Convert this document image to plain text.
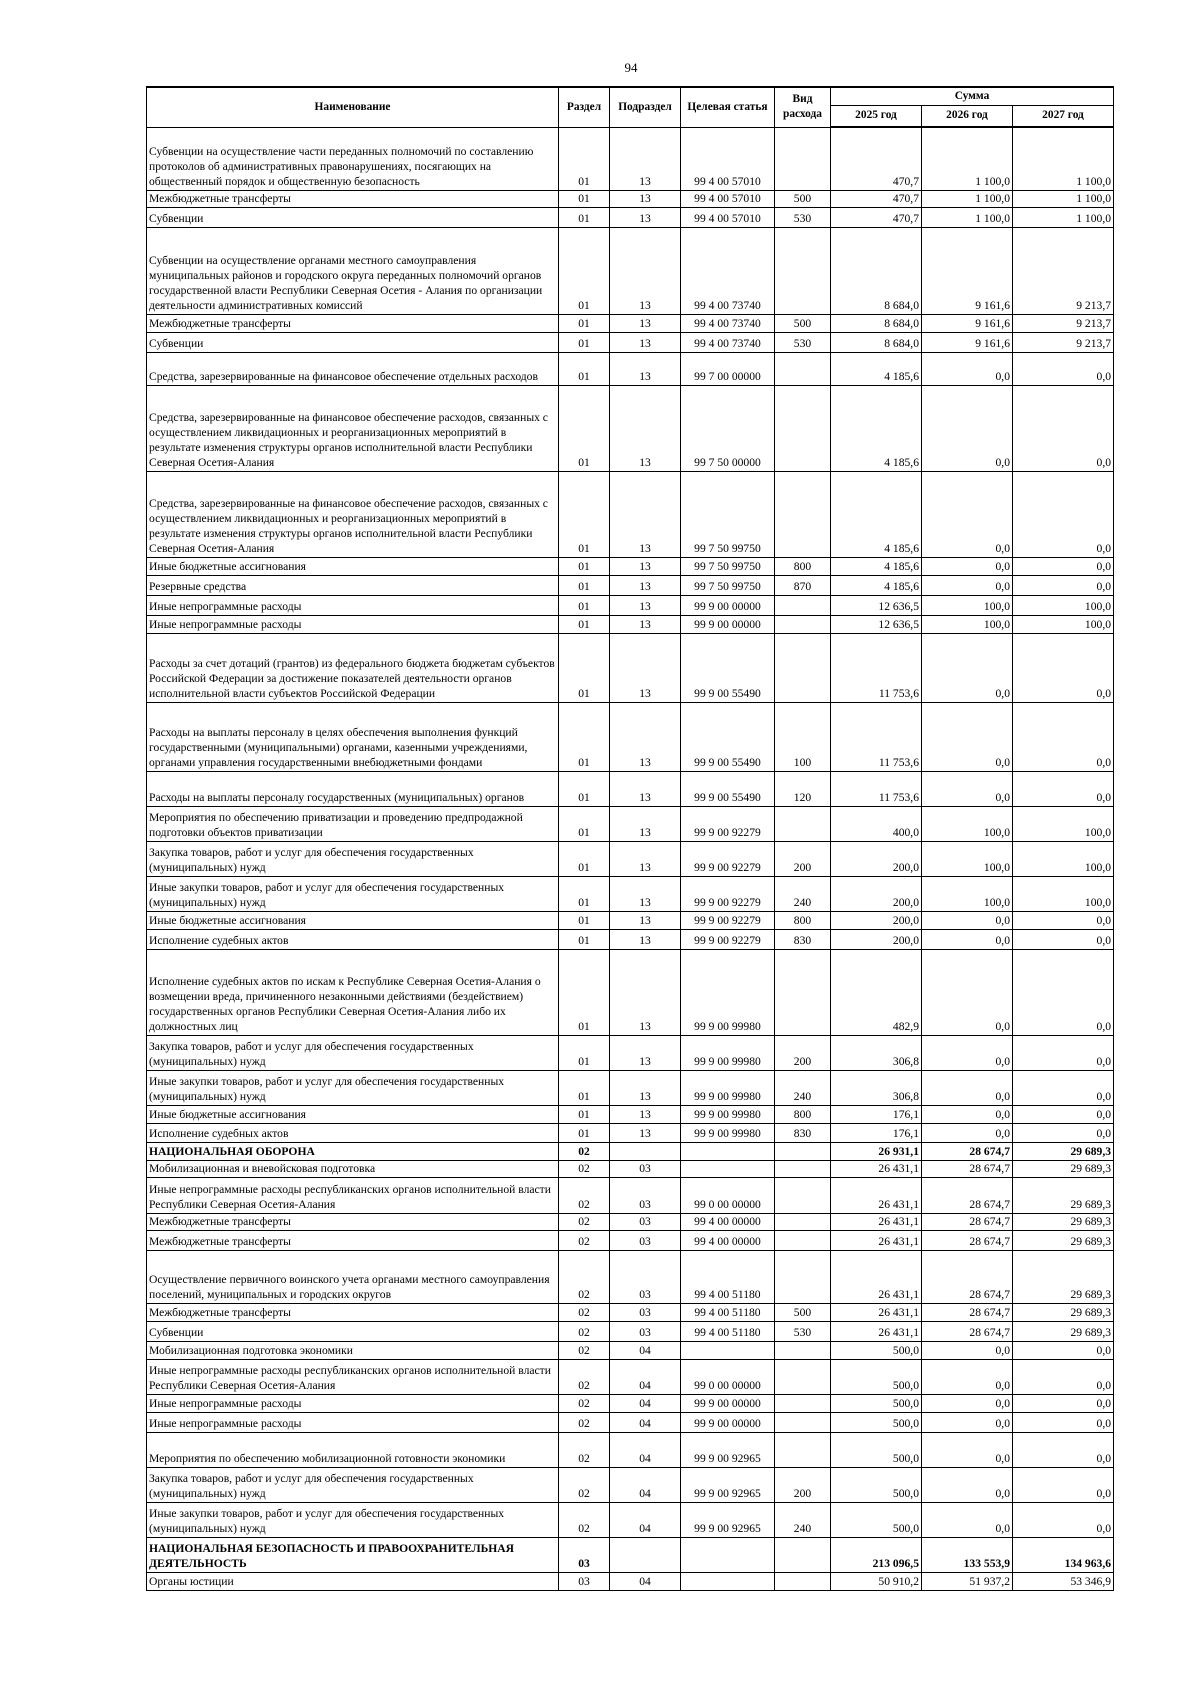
94
Наименование	Раздел	Подраздел	Целевая статья	Вид расхода	Сумма		
					2025 год	2026 год	2027 год
Субвенции на осуществление части переданных полномочий по составлению протоколов об административных правонарушениях, посягающих на общественный порядок и общественную безопасность	01	13	99 4 00 57010		470,7	1 100,0	1 100,0
Межбюджетные трансферты	01	13	99 4 00 57010	500	470,7	1 100,0	1 100,0
Субвенции	01	13	99 4 00 57010	530	470,7	1 100,0	1 100,0
Субвенции на осуществление органами местного самоуправления муниципальных районов и городского округа переданных полномочий органов государственной власти Республики Северная Осетия - Алания по организации деятельности административных комиссий	01	13	99 4 00 73740		8 684,0	9 161,6	9 213,7
Межбюджетные трансферты	01	13	99 4 00 73740	500	8 684,0	9 161,6	9 213,7
Субвенции	01	13	99 4 00 73740	530	8 684,0	9 161,6	9 213,7
Средства, зарезервированные на финансовое обеспечение отдельных расходов	01	13	99 7 00 00000		4 185,6	0,0	0,0
Средства, зарезервированные на финансовое обеспечение расходов, связанных с осуществлением ликвидационных и реорганизационных мероприятий в результате изменения структуры органов исполнительной власти Республики Северная Осетия-Алания	01	13	99 7 50 00000		4 185,6	0,0	0,0
Средства, зарезервированные на финансовое обеспечение расходов, связанных с осуществлением ликвидационных и реорганизационных мероприятий в результате изменения структуры органов исполнительной власти Республики Северная Осетия-Алания	01	13	99 7 50 99750		4 185,6	0,0	0,0
Иные бюджетные ассигнования	01	13	99 7 50 99750	800	4 185,6	0,0	0,0
Резервные средства	01	13	99 7 50 99750	870	4 185,6	0,0	0,0
Иные непрограммные расходы	01	13	99 9 00 00000		12 636,5	100,0	100,0
Иные непрограммные расходы	01	13	99 9 00 00000		12 636,5	100,0	100,0
Расходы за счет дотаций (грантов) из федерального бюджета бюджетам субъектов Российской Федерации за достижение показателей деятельности органов исполнительной власти субъектов Российской Федерации	01	13	99 9 00 55490		11 753,6	0,0	0,0
Расходы на выплаты персоналу в целях обеспечения выполнения функций государственными (муниципальными) органами, казенными учреждениями, органами управления государственными внебюджетными фондами	01	13	99 9 00 55490	100	11 753,6	0,0	0,0
Расходы на выплаты персоналу государственных (муниципальных) органов	01	13	99 9 00 55490	120	11 753,6	0,0	0,0
Мероприятия по обеспечению приватизации и проведению предпродажной подготовки объектов приватизации	01	13	99 9 00 92279		400,0	100,0	100,0
Закупка товаров, работ и услуг для обеспечения государственных (муниципальных) нужд	01	13	99 9 00 92279	200	200,0	100,0	100,0
Иные закупки товаров, работ и услуг для обеспечения государственных (муниципальных) нужд	01	13	99 9 00 92279	240	200,0	100,0	100,0
Иные бюджетные ассигнования	01	13	99 9 00 92279	800	200,0	0,0	0,0
Исполнение судебных актов	01	13	99 9 00 92279	830	200,0	0,0	0,0
Исполнение судебных актов по искам к Республике Северная Осетия-Алания о возмещении вреда, причиненного незаконными действиями (бездействием) государственных органов Республики Северная Осетия-Алания либо их должностных лиц	01	13	99 9 00 99980		482,9	0,0	0,0
Закупка товаров, работ и услуг для обеспечения государственных (муниципальных) нужд	01	13	99 9 00 99980	200	306,8	0,0	0,0
Иные закупки товаров, работ и услуг для обеспечения государственных (муниципальных) нужд	01	13	99 9 00 99980	240	306,8	0,0	0,0
Иные бюджетные ассигнования	01	13	99 9 00 99980	800	176,1	0,0	0,0
Исполнение судебных актов	01	13	99 9 00 99980	830	176,1	0,0	0,0
НАЦИОНАЛЬНАЯ ОБОРОНА	02				26 931,1	28 674,7	29 689,3
Мобилизационная и вневойсковая подготовка	02	03			26 431,1	28 674,7	29 689,3
Иные непрограммные расходы республиканских органов исполнительной власти Республики Северная Осетия-Алания	02	03	99 0 00 00000		26 431,1	28 674,7	29 689,3
Межбюджетные трансферты	02	03	99 4 00 00000		26 431,1	28 674,7	29 689,3
Межбюджетные трансферты	02	03	99 4 00 00000		26 431,1	28 674,7	29 689,3
Осуществление первичного воинского учета органами местного самоуправления поселений, муниципальных и городских округов	02	03	99 4 00 51180		26 431,1	28 674,7	29 689,3
Межбюджетные трансферты	02	03	99 4 00 51180	500	26 431,1	28 674,7	29 689,3
Субвенции	02	03	99 4 00 51180	530	26 431,1	28 674,7	29 689,3
Мобилизационная подготовка экономики	02	04			500,0	0,0	0,0
Иные непрограммные расходы республиканских органов исполнительной власти Республики Северная Осетия-Алания	02	04	99 0 00 00000		500,0	0,0	0,0
Иные непрограммные расходы	02	04	99 9 00 00000		500,0	0,0	0,0
Иные непрограммные расходы	02	04	99 9 00 00000		500,0	0,0	0,0
Мероприятия по обеспечению мобилизационной готовности экономики	02	04	99 9 00 92965		500,0	0,0	0,0
Закупка товаров, работ и услуг для обеспечения государственных (муниципальных) нужд	02	04	99 9 00 92965	200	500,0	0,0	0,0
Иные закупки товаров, работ и услуг для обеспечения государственных (муниципальных) нужд	02	04	99 9 00 92965	240	500,0	0,0	0,0
НАЦИОНАЛЬНАЯ БЕЗОПАСНОСТЬ И ПРАВООХРАНИТЕЛЬНАЯ ДЕЯТЕЛЬНОСТЬ	03				213 096,5	133 553,9	134 963,6
Органы юстиции	03	04			50 910,2	51 937,2	53 346,9
